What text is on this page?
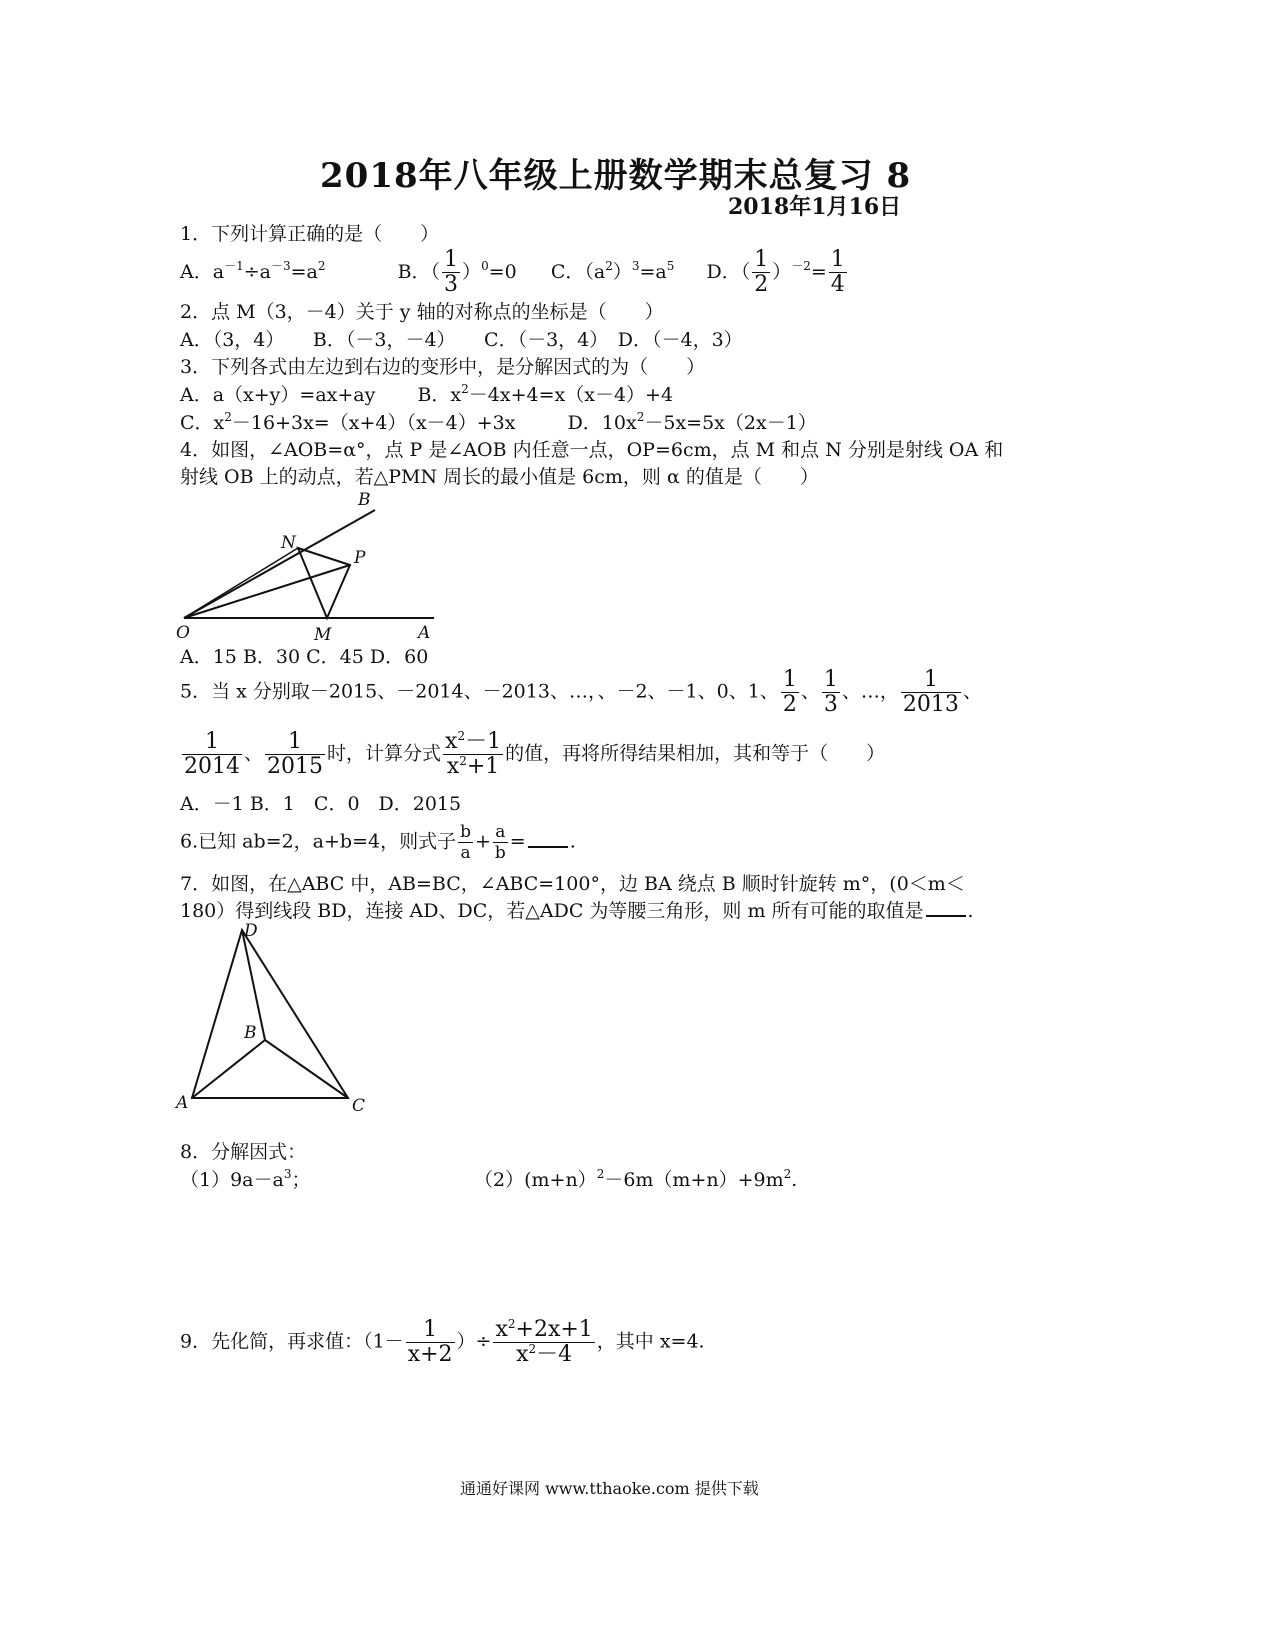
2018年八年级上册数学期末总复习 8
2018年1月16日
1．下列计算正确的是（　　）
A．$a^{-1}\div a^{-3}=a^2$	B．（ $\frac{1}{3} )^0=0$ C．$(a^2)^3=a^5$ D．（ $\frac{1}{2} )^{-2}= \frac{1}{4}$
2．点 M（3，－4）关于 y 轴的对称点的坐标是（　　）
A．（3，4）　　B．（－3，－4）　　C．（－3，4）　D．（－4，3）
3．下列各式由左边到右边的变形中，是分解因式的为（　　）
A．a（x+y）=ax+ay B．$x^2-4x+4=x(x-4)+4$
C．$x^2-16+3x=(x+4)(x-4)+3x$	D．$10x^2-5x=5x(2x-1)$
4．如图，∠AOB=α°，点 P 是∠AOB 内任意一点，OP=6cm，点 M 和点 N 分别是射线 OA 和
射线 OB 上的动点，若△PMN 周长的最小值是 6cm，则 α 的值是（　　）
B
N
P
O	M	A
A．15 B．30 C．45 D．60
5．当 x 分别取－2015、－2014、－2013、…，、－2、－1、0、1、 $\frac{1}{2}$ 、 $\frac{1}{3}$ 、…， $\frac{1}{2013}$ 、
$\frac{1}{2014}$ 、 $\frac{1}{2015}$ 时，计算分式 $\frac{x^2-1}{x^2+1}$ 的值，再将所得结果相加，其和等于（　　）
A．－1 B．1　C．0　D．2015
6.已知 ab=2，a+b=4，则式子 $\frac{b}{a} + \frac{a}{b}$ = .
7．如图，在△ABC 中，AB=BC，∠ABC=100°，边 BA 绕点 B 顺时针旋转 m°，(0＜m＜
180）得到线段 BD，连接 AD、DC，若△ADC 为等腰三角形，则 m 所有可能的取值是 .
D
B
A	C
8．分解因式：
$(1)9a-a^3$；	$(2)(m+n)^2-6m(m+n)+9m^2$.
9．先化简，再求值：（$1- \frac{1}{x+2}$ ）÷ $\frac{x^2+2x+1}{x^2-4}$ ，其中 x=4.
通通好课网 www.tthaoke.com 提供下载
